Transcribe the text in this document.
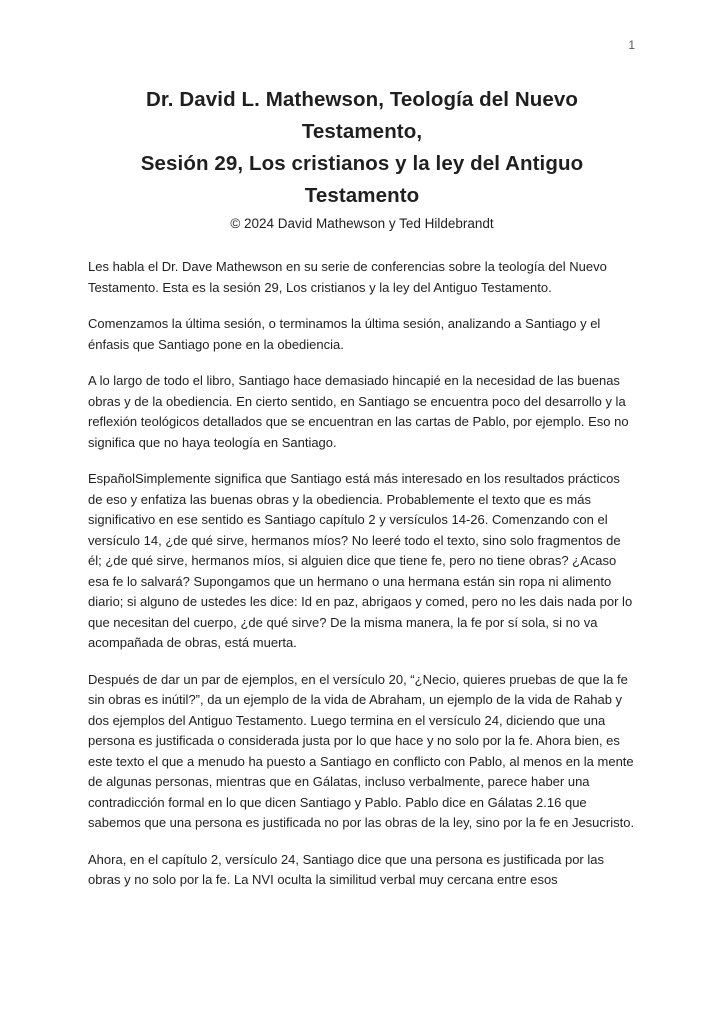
1
Dr. David L. Mathewson, Teología del Nuevo
Testamento,
Sesión 29, Los cristianos y la ley del Antiguo
Testamento
© 2024 David Mathewson y Ted Hildebrandt

Les habla el Dr. Dave Mathewson en su serie de conferencias sobre la teología del Nuevo Testamento. Esta es la sesión 29, Los cristianos y la ley del Antiguo Testamento.

Comenzamos la última sesión, o terminamos la última sesión, analizando a Santiago y el énfasis que Santiago pone en la obediencia.

A lo largo de todo el libro, Santiago hace demasiado hincapié en la necesidad de las buenas obras y de la obediencia. En cierto sentido, en Santiago se encuentra poco del desarrollo y la reflexión teológicos detallados que se encuentran en las cartas de Pablo, por ejemplo. Eso no significa que no haya teología en Santiago.

EspañolSimplemente significa que Santiago está más interesado en los resultados prácticos de eso y enfatiza las buenas obras y la obediencia. Probablemente el texto que es más significativo en ese sentido es Santiago capítulo 2 y versículos 14-26. Comenzando con el versículo 14, ¿de qué sirve, hermanos míos? No leeré todo el texto, sino solo fragmentos de él; ¿de qué sirve, hermanos míos, si alguien dice que tiene fe, pero no tiene obras? ¿Acaso esa fe lo salvará? Supongamos que un hermano o una hermana están sin ropa ni alimento diario; si alguno de ustedes les dice: Id en paz, abrigaos y comed, pero no les dais nada por lo que necesitan del cuerpo, ¿de qué sirve? De la misma manera, la fe por sí sola, si no va acompañada de obras, está muerta.

Después de dar un par de ejemplos, en el versículo 20, “¿Necio, quieres pruebas de que la fe sin obras es inútil?”, da un ejemplo de la vida de Abraham, un ejemplo de la vida de Rahab y dos ejemplos del Antiguo Testamento. Luego termina en el versículo 24, diciendo que una persona es justificada o considerada justa por lo que hace y no solo por la fe. Ahora bien, es este texto el que a menudo ha puesto a Santiago en conflicto con Pablo, al menos en la mente de algunas personas, mientras que en Gálatas, incluso verbalmente, parece haber una contradicción formal en lo que dicen Santiago y Pablo. Pablo dice en Gálatas 2.16 que sabemos que una persona es justificada no por las obras de la ley, sino por la fe en Jesucristo.

Ahora, en el capítulo 2, versículo 24, Santiago dice que una persona es justificada por las obras y no solo por la fe. La NVI oculta la similitud verbal muy cercana entre esos
